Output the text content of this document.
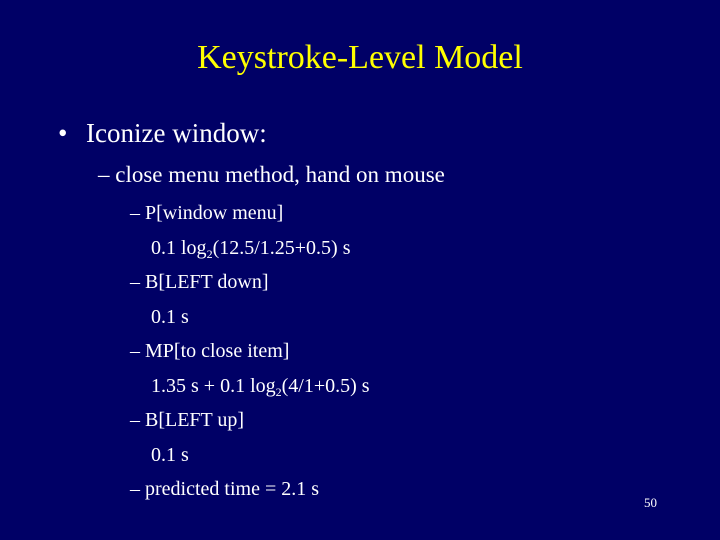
Keystroke-Level Model
• Iconize window:
– close menu method, hand on mouse
– P[window menu]
0.1 $\log_2(12.5/1.25+0.5)$ s
– B[LEFT down]
0.1 s
– MP[to close item]
1.35 s + 0.1 $\log_2(4/1+0.5)$ s
– B[LEFT up]
0.1 s
– predicted time = 2.1 s
50
